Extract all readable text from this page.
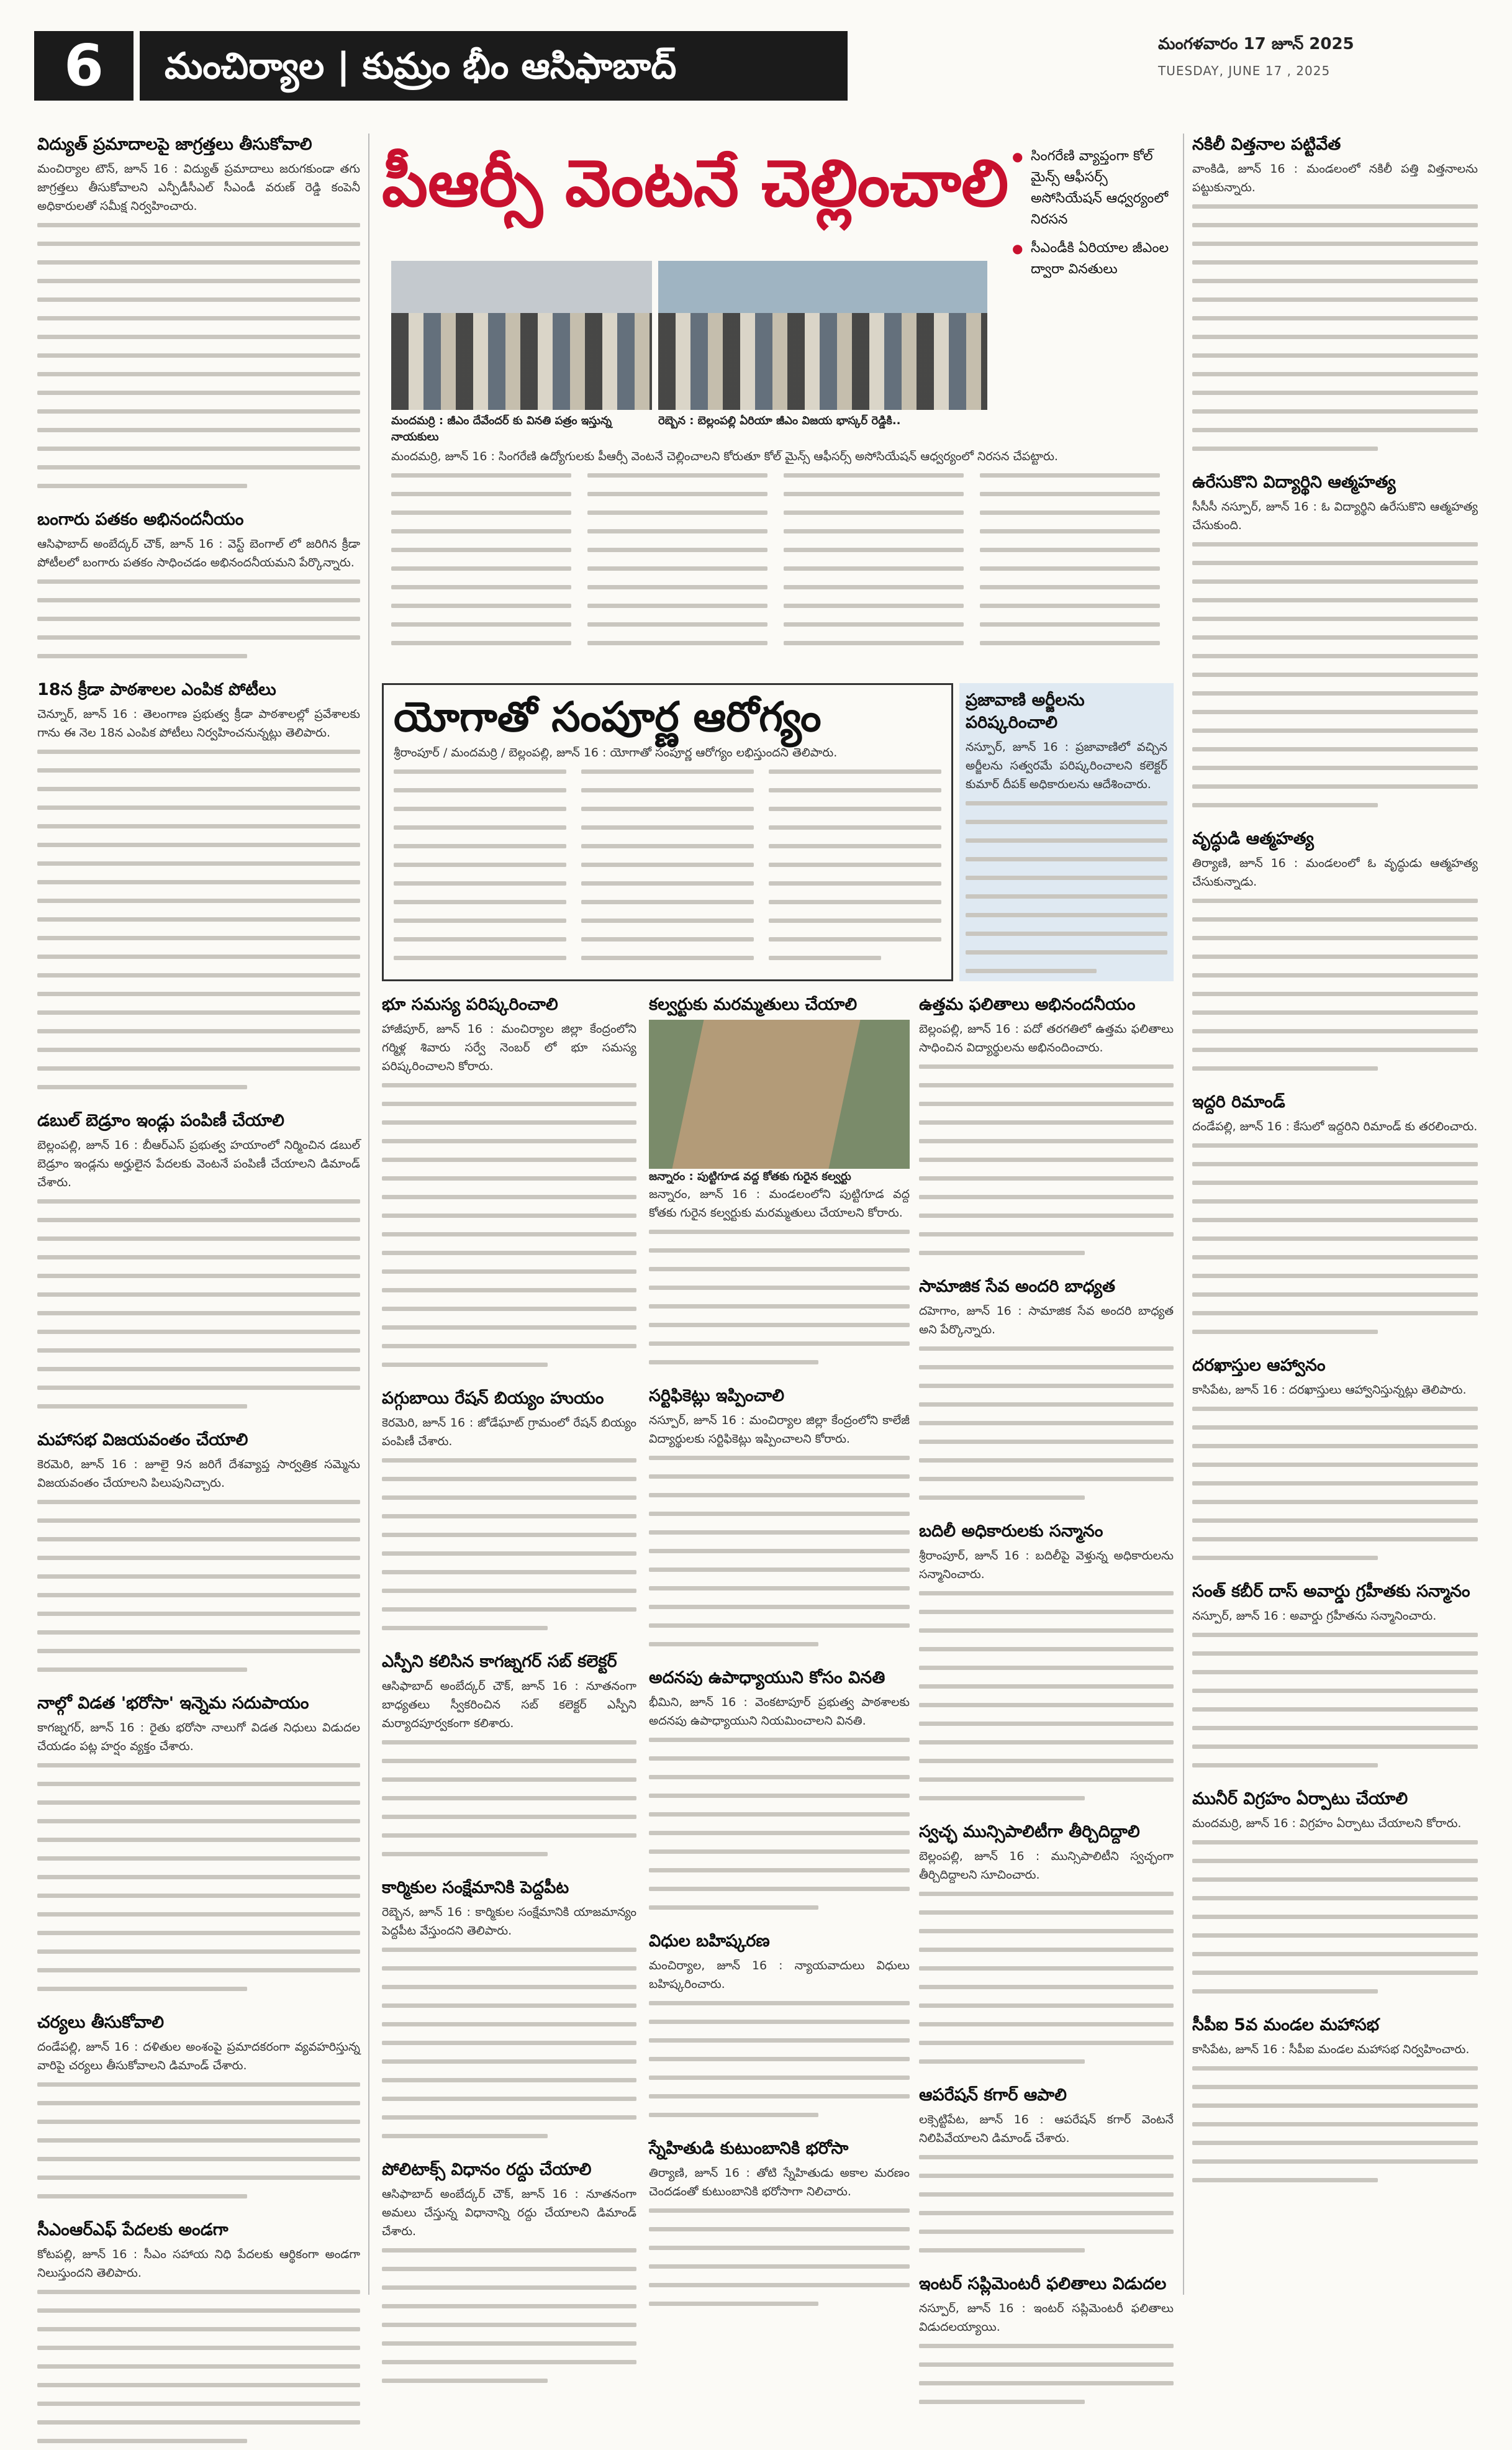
6	మంచిర్యాల | కుమ్రం భీం ఆసిఫాబాద్
మంగళవారం 17 జూన్ 2025
TUESDAY, JUNE 17 , 2025
విద్యుత్ ప్రమాదాలపై జాగ్రత్తలు తీసుకోవాలి
మంచిర్యాల టౌన్, జూన్ 16 : విద్యుత్ ప్రమాదాలు జరుగకుండా తగు జాగ్రత్తలు తీసుకోవాలని ఎన్పీడీసీఎల్ సీఎండీ వరుణ్ రెడ్డి కంపెనీ అధికారులతో సమీక్ష నిర్వహించారు.
బంగారు పతకం అభినందనీయం
ఆసిఫాబాద్ అంబేద్కర్ చౌక్, జూన్ 16 : వెస్ట్ బెంగాల్ లో జరిగిన క్రీడా పోటీలలో బంగారు పతకం సాధించడం అభినందనీయమని పేర్కొన్నారు.
18న క్రీడా పాఠశాలల ఎంపిక పోటీలు
చెన్నూర్, జూన్ 16 : తెలంగాణ ప్రభుత్వ క్రీడా పాఠశాలల్లో ప్రవేశాలకు గాను ఈ నెల 18న ఎంపిక పోటీలు నిర్వహించనున్నట్లు తెలిపారు.
డబుల్ బెడ్రూం ఇండ్లు పంపిణీ చేయాలి
బెల్లంపల్లి, జూన్ 16 : బీఆర్ఎస్ ప్రభుత్వ హయాంలో నిర్మించిన డబుల్ బెడ్రూం ఇండ్లను అర్హులైన పేదలకు వెంటనే పంపిణీ చేయాలని డిమాండ్ చేశారు.
మహాసభ విజయవంతం చేయాలి
కెరమెరి, జూన్ 16 : జూలై 9న జరిగే దేశవ్యాప్త సార్వత్రిక సమ్మెను విజయవంతం చేయాలని పిలుపునిచ్చారు.
నాల్గో విడత 'భరోసా' ఇన్నెమ సదుపాయం
కాగజ్నగర్, జూన్ 16 : రైతు భరోసా నాలుగో విడత నిధులు విడుదల చేయడం పట్ల హర్షం వ్యక్తం చేశారు.
చర్యలు తీసుకోవాలి
దండేపల్లి, జూన్ 16 : దళితుల అంశంపై ప్రమాదకరంగా వ్యవహరిస్తున్న వారిపై చర్యలు తీసుకోవాలని డిమాండ్ చేశారు.
సీఎంఆర్ఎఫ్ పేదలకు అండగా
కోటపల్లి, జూన్ 16 : సీఎం సహాయ నిధి పేదలకు ఆర్థికంగా అండగా నిలుస్తుందని తెలిపారు.
పీఆర్సీ వెంటనే చెల్లించాలి
●	సింగరేణి వ్యాప్తంగా కోల్ మైన్స్ ఆఫీసర్స్ అసోసియేషన్ ఆధ్వర్యంలో నిరసన
● సీఎండీకి ఏరియాల జీఎంల ద్వారా వినతులు
మందమర్రి : జీఎం దేవేందర్ కు వినతి పత్రం ఇస్తున్న నాయకులు
రెబ్బెన : బెల్లంపల్లి ఏరియా జీఎం విజయ భాస్కర్ రెడ్డికి..
మందమర్రి, జూన్ 16 : సింగరేణి ఉద్యోగులకు పీఆర్సీ వెంటనే చెల్లించాలని కోరుతూ కోల్ మైన్స్ ఆఫీసర్స్ అసోసియేషన్ ఆధ్వర్యంలో నిరసన చేపట్టారు.
యోగాతో సంపూర్ణ ఆరోగ్యం
శ్రీరాంపూర్ / మందమర్రి / బెల్లంపల్లి, జూన్ 16 : యోగాతో సంపూర్ణ ఆరోగ్యం లభిస్తుందని తెలిపారు.
ప్రజావాణి అర్జీలను పరిష్కరించాలి
నస్పూర్, జూన్ 16 : ప్రజావాణిలో వచ్చిన అర్జీలను సత్వరమే పరిష్కరించాలని కలెక్టర్ కుమార్ దీపక్ అధికారులను ఆదేశించారు.
భూ సమస్య పరిష్కరించాలి
హాజీపూర్, జూన్ 16 : మంచిర్యాల జిల్లా కేంద్రంలోని గర్మిళ్ల శివారు సర్వే నెంబర్ లో భూ సమస్య పరిష్కరించాలని కోరారు.
పగ్గుబాయి రేషన్ బియ్యం హుయం
కెరమెరి, జూన్ 16 : జోడేఘాట్ గ్రామంలో రేషన్ బియ్యం పంపిణీ చేశారు.
ఎస్పీని కలిసిన కాగజ్నగర్ సబ్ కలెక్టర్
ఆసిఫాబాద్ అంబేద్కర్ చౌక్, జూన్ 16 : నూతనంగా బాధ్యతలు స్వీకరించిన సబ్ కలెక్టర్ ఎస్పీని మర్యాదపూర్వకంగా కలిశారు.
కార్మికుల సంక్షేమానికి పెద్దపీట
రెబ్బెన, జూన్ 16 : కార్మికుల సంక్షేమానికి యాజమాన్యం పెద్దపీట వేస్తుందని తెలిపారు.
పోలిటాక్స్ విధానం రద్దు చేయాలి
ఆసిఫాబాద్ అంబేద్కర్ చౌక్, జూన్ 16 : నూతనంగా అమలు చేస్తున్న విధానాన్ని రద్దు చేయాలని డిమాండ్ చేశారు.
కల్వర్టుకు మరమ్మతులు చేయాలి
జన్నారం : పుట్టిగూడ వద్ద కోతకు గురైన కల్వర్టు
జన్నారం, జూన్ 16 : మండలంలోని పుట్టిగూడ వద్ద కోతకు గురైన కల్వర్టుకు మరమ్మతులు చేయాలని కోరారు.
సర్టిఫికెట్లు ఇప్పించాలి
నస్పూర్, జూన్ 16 : మంచిర్యాల జిల్లా కేంద్రంలోని కాలేజీ విద్యార్థులకు సర్టిఫికెట్లు ఇప్పించాలని కోరారు.
అదనపు ఉపాధ్యాయుని కోసం వినతి
భీమిని, జూన్ 16 : వెంకటాపూర్ ప్రభుత్వ పాఠశాలకు అదనపు ఉపాధ్యాయుని నియమించాలని వినతి.
విధుల బహిష్కరణ
మంచిర్యాల, జూన్ 16 : న్యాయవాదులు విధులు బహిష్కరించారు.
స్నేహితుడి కుటుంబానికి భరోసా
తిర్యాణి, జూన్ 16 : తోటి స్నేహితుడు అకాల మరణం చెందడంతో కుటుంబానికి భరోసాగా నిలిచారు.
ఉత్తమ ఫలితాలు అభినందనీయం
బెల్లంపల్లి, జూన్ 16 : పదో తరగతిలో ఉత్తమ ఫలితాలు సాధించిన విద్యార్థులను అభినందించారు.
సామాజిక సేవ అందరి బాధ్యత
దహెగాం, జూన్ 16 : సామాజిక సేవ అందరి బాధ్యత అని పేర్కొన్నారు.
బదిలీ అధికారులకు సన్మానం
శ్రీరాంపూర్, జూన్ 16 : బదిలీపై వెళ్తున్న అధికారులను సన్మానించారు.
స్వచ్ఛ మున్సిపాలిటీగా తీర్చిదిద్దాలి
బెల్లంపల్లి, జూన్ 16 : మున్సిపాలిటీని స్వచ్ఛంగా తీర్చిదిద్దాలని సూచించారు.
ఆపరేషన్ కగార్ ఆపాలి
లక్సెట్టిపేట, జూన్ 16 : ఆపరేషన్ కగార్ వెంటనే నిలిపివేయాలని డిమాండ్ చేశారు.
ఇంటర్ సప్లిమెంటరీ ఫలితాలు విడుదల
నస్పూర్, జూన్ 16 : ఇంటర్ సప్లిమెంటరీ ఫలితాలు విడుదలయ్యాయి.
నకిలీ విత్తనాల పట్టివేత
వాంకిడి, జూన్ 16 : మండలంలో నకిలీ పత్తి విత్తనాలను పట్టుకున్నారు.
ఉరేసుకొని విద్యార్థిని ఆత్మహత్య
సీసీసీ నస్పూర్, జూన్ 16 : ఓ విద్యార్థిని ఉరేసుకొని ఆత్మహత్య చేసుకుంది.
వృద్ధుడి ఆత్మహత్య
తిర్యాణి, జూన్ 16 : మండలంలో ఓ వృద్ధుడు ఆత్మహత్య చేసుకున్నాడు.
ఇద్దరి రిమాండ్
దండేపల్లి, జూన్ 16 : కేసులో ఇద్దరిని రిమాండ్ కు తరలించారు.
దరఖాస్తుల ఆహ్వానం
కాసిపేట, జూన్ 16 : దరఖాస్తులు ఆహ్వానిస్తున్నట్లు తెలిపారు.
సంత్ కబీర్ దాస్ అవార్డు గ్రహీతకు సన్మానం
నస్పూర్, జూన్ 16 : అవార్డు గ్రహీతను సన్మానించారు.
మునీర్ విగ్రహం ఏర్పాటు చేయాలి
మందమర్రి, జూన్ 16 : విగ్రహం ఏర్పాటు చేయాలని కోరారు.
సీపీఐ 5వ మండల మహాసభ
కాసిపేట, జూన్ 16 : సీపీఐ మండల మహాసభ నిర్వహించారు.
